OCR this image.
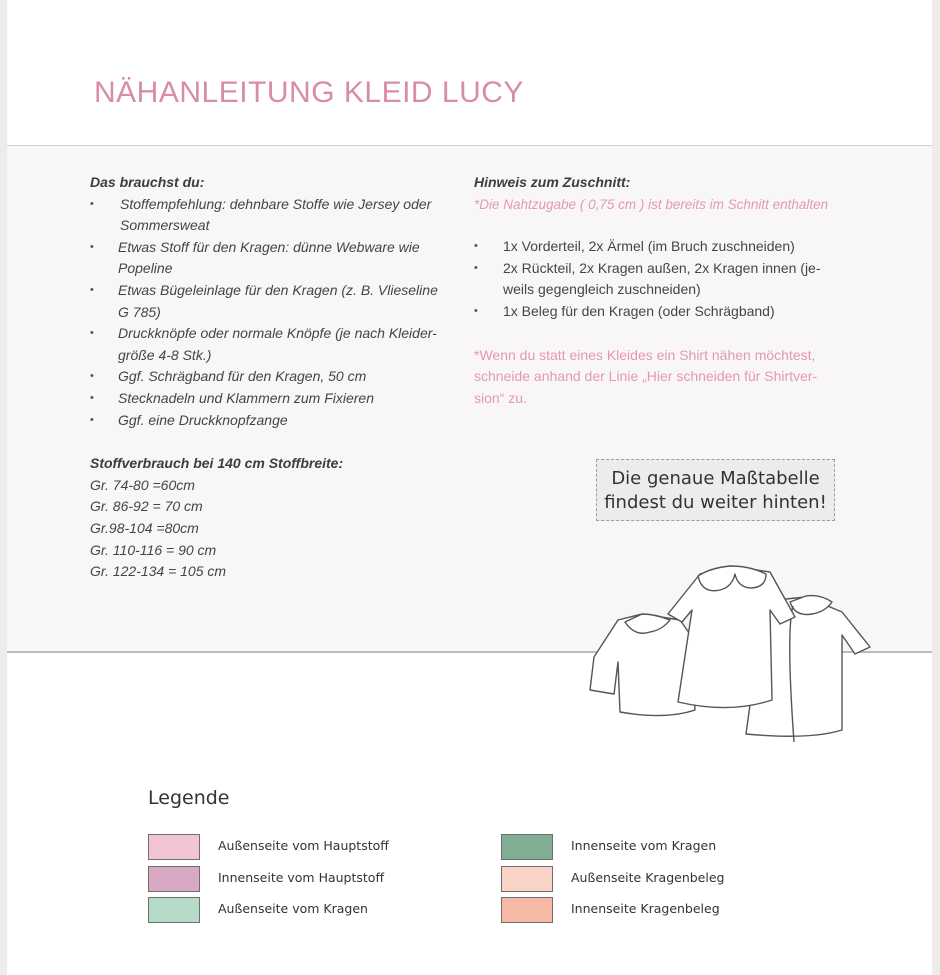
NÄHANLEITUNG KLEID LUCY
Das brauchst du:
• Stoffempfehlung: dehnbare Stoffe wie Jersey oder Sommersweat
• Etwas Stoff für den Kragen: dünne Webware wie Popeline
• Etwas Bügeleinlage für den Kragen (z. B. Vlieseline G 785)
• Druckknöpfe oder normale Knöpfe (je nach Kleider-größe 4-8 Stk.)
• Ggf. Schrägband für den Kragen, 50 cm
• Stecknadeln und Klammern zum Fixieren
• Ggf. eine Druckknopfzange
Stoffverbrauch bei 140 cm Stoffbreite:
Gr. 74-80 =60cm
Gr. 86-92 = 70 cm
Gr.98-104 =80cm
Gr. 110-116 = 90 cm
Gr. 122-134 = 105 cm
Hinweis zum Zuschnitt:
*Die Nahtzugabe ( 0,75 cm ) ist bereits im Schnitt enthalten
• 1x Vorderteil, 2x Ärmel (im Bruch zuschneiden)
• 2x Rückteil, 2x Kragen außen, 2x Kragen innen (je-weils gegengleich zuschneiden)
• 1x Beleg für den Kragen (oder Schrägband)
*Wenn du statt eines Kleides ein Shirt nähen möchtest, schneide anhand der Linie „Hier schneiden für Shirtver-sion“ zu.
Die genaue Maßtabelle
findest du weiter hinten!
Legende
Außenseite vom Hauptstoff
Innenseite vom Hauptstoff
Außenseite vom Kragen
Innenseite vom Kragen
Außenseite Kragenbeleg
Innenseite Kragenbeleg
